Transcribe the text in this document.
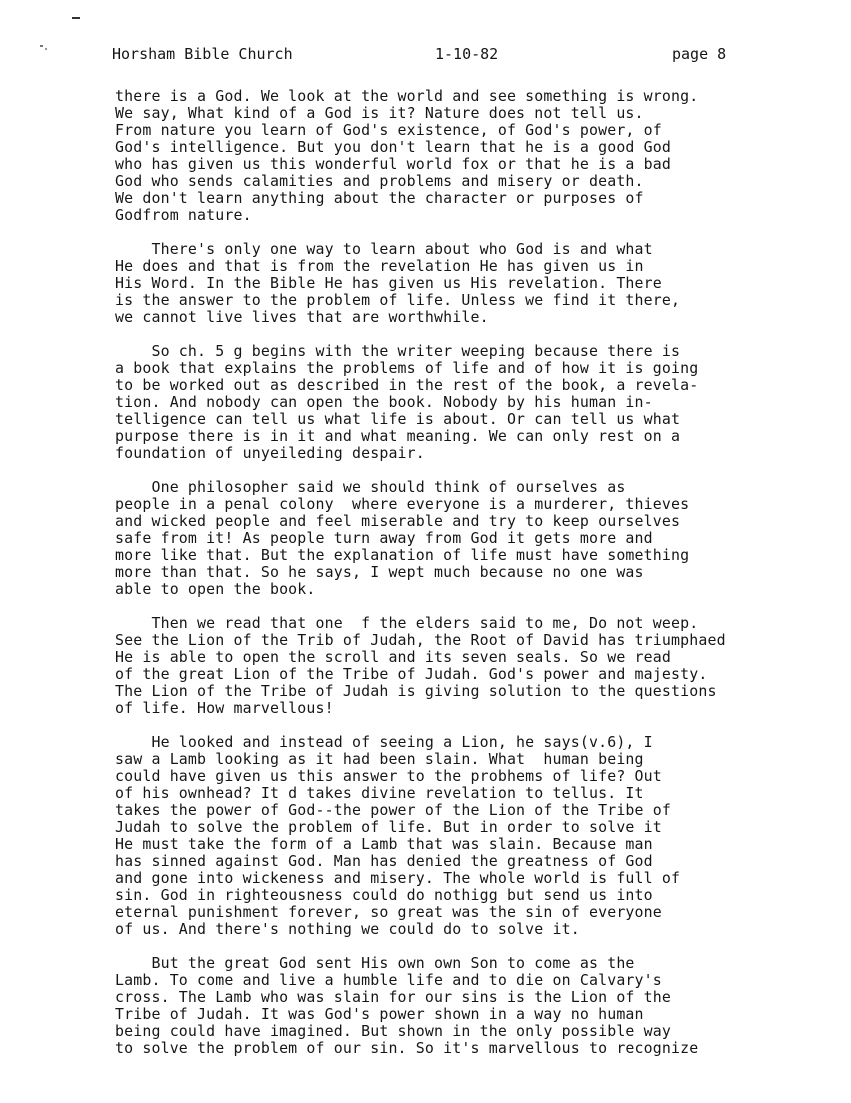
Horsham Bible Church	1-10-82	page 8
there is a God. We look at the world and see something is wrong.
We say, What kind of a God is it? Nature does not tell us.
From nature you learn of God's existence, of God's power, of
God's intelligence. But you don't learn that he is a good God
who has given us this wonderful world fox or that he is a bad
God who sends calamities and problems and misery or death.
We don't learn anything about the character or purposes of
Godfrom nature.
There's only one way to learn about who God is and what
He does and that is from the revelation He has given us in
His Word. In the Bible He has given us His revelation. There
is the answer to the problem of life. Unless we find it there,
we cannot live lives that are worthwhile.
So ch. 5 g begins with the writer weeping because there is
a book that explains the problems of life and of how it is going
to be worked out as described in the rest of the book, a revela-
tion. And nobody can open the book. Nobody by his human in-
telligence can tell us what life is about. Or can tell us what
purpose there is in it and what meaning. We can only rest on a
foundation of unyeileding despair.
One philosopher said we should think of ourselves as
people in a penal colony  where everyone is a murderer, thieves
and wicked people and feel miserable and try to keep ourselves
safe from it! As people turn away from God it gets more and
more like that. But the explanation of life must have something
more than that. So he says, I wept much because no one was
able to open the book.
Then we read that one  f the elders said to me, Do not weep.
See the Lion of the Trib of Judah, the Root of David has triumphaed
He is able to open the scroll and its seven seals. So we read
of the great Lion of the Tribe of Judah. God's power and majesty.
The Lion of the Tribe of Judah is giving solution to the questions
of life. How marvellous!
He looked and instead of seeing a Lion, he says(v.6), I
saw a Lamb looking as it had been slain. What  human being
could have given us this answer to the probhems of life? Out
of his ownhead? It d takes divine revelation to tellus. It
takes the power of God--the power of the Lion of the Tribe of
Judah to solve the problem of life. But in order to solve it
He must take the form of a Lamb that was slain. Because man
has sinned against God. Man has denied the greatness of God
and gone into wickeness and misery. The whole world is full of
sin. God in righteousness could do nothigg but send us into
eternal punishment forever, so great was the sin of everyone
of us. And there's nothing we could do to solve it.
But the great God sent His own own Son to come as the
Lamb. To come and live a humble life and to die on Calvary's
cross. The Lamb who was slain for our sins is the Lion of the
Tribe of Judah. It was God's power shown in a way no human
being could have imagined. But shown in the only possible way
to solve the problem of our sin. So it's marvellous to recognize
